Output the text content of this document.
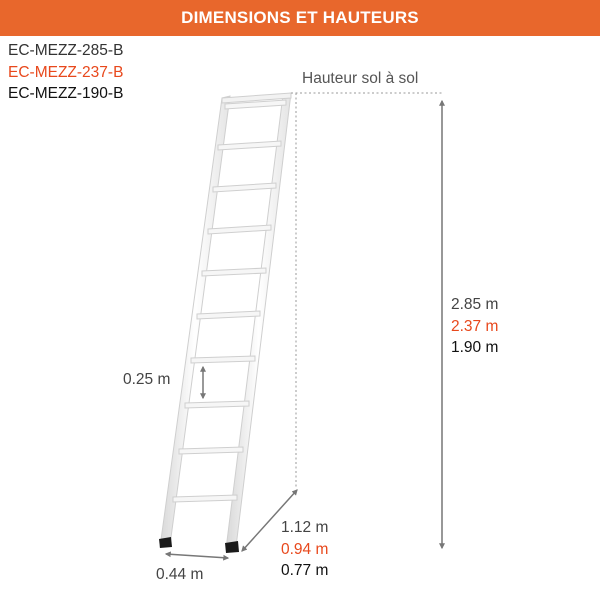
DIMENSIONS ET HAUTEURS
EC-MEZZ-285-B
EC-MEZZ-237-B
EC-MEZZ-190-B
Hauteur sol à sol
2.85 m
2.37 m
1.90 m
0.25 m
1.12 m
0.94 m
0.77 m
0.44 m
